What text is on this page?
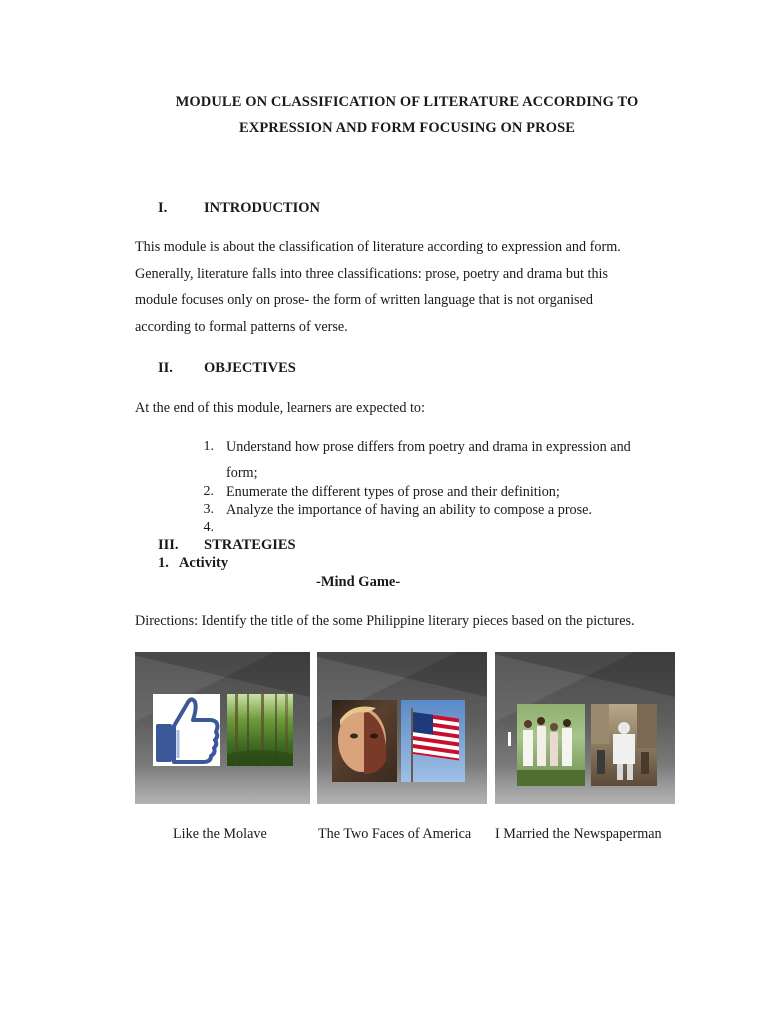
MODULE ON CLASSIFICATION OF LITERATURE ACCORDING TO
EXPRESSION AND FORM FOCUSING ON PROSE
I.	INTRODUCTION
This module is about the classification of literature according to expression and form.
Generally, literature falls into three classifications: prose, poetry and drama but this
module focuses only on prose- the form of written language that is not organised
according to formal patterns of verse.
II. OBJECTIVES
At the end of this module, learners are expected to:
1. Understand how prose differs from poetry and drama in expression and
form;
2. Enumerate the different types of prose and their definition;
3. Analyze the importance of having an ability to compose a prose.
4.
III. STRATEGIES
1.   Activity
-Mind Game-
Directions: Identify the title of the some Philippine literary pieces based on the pictures.
Like the Molave	The Two Faces of America I Married the Newspaperman
